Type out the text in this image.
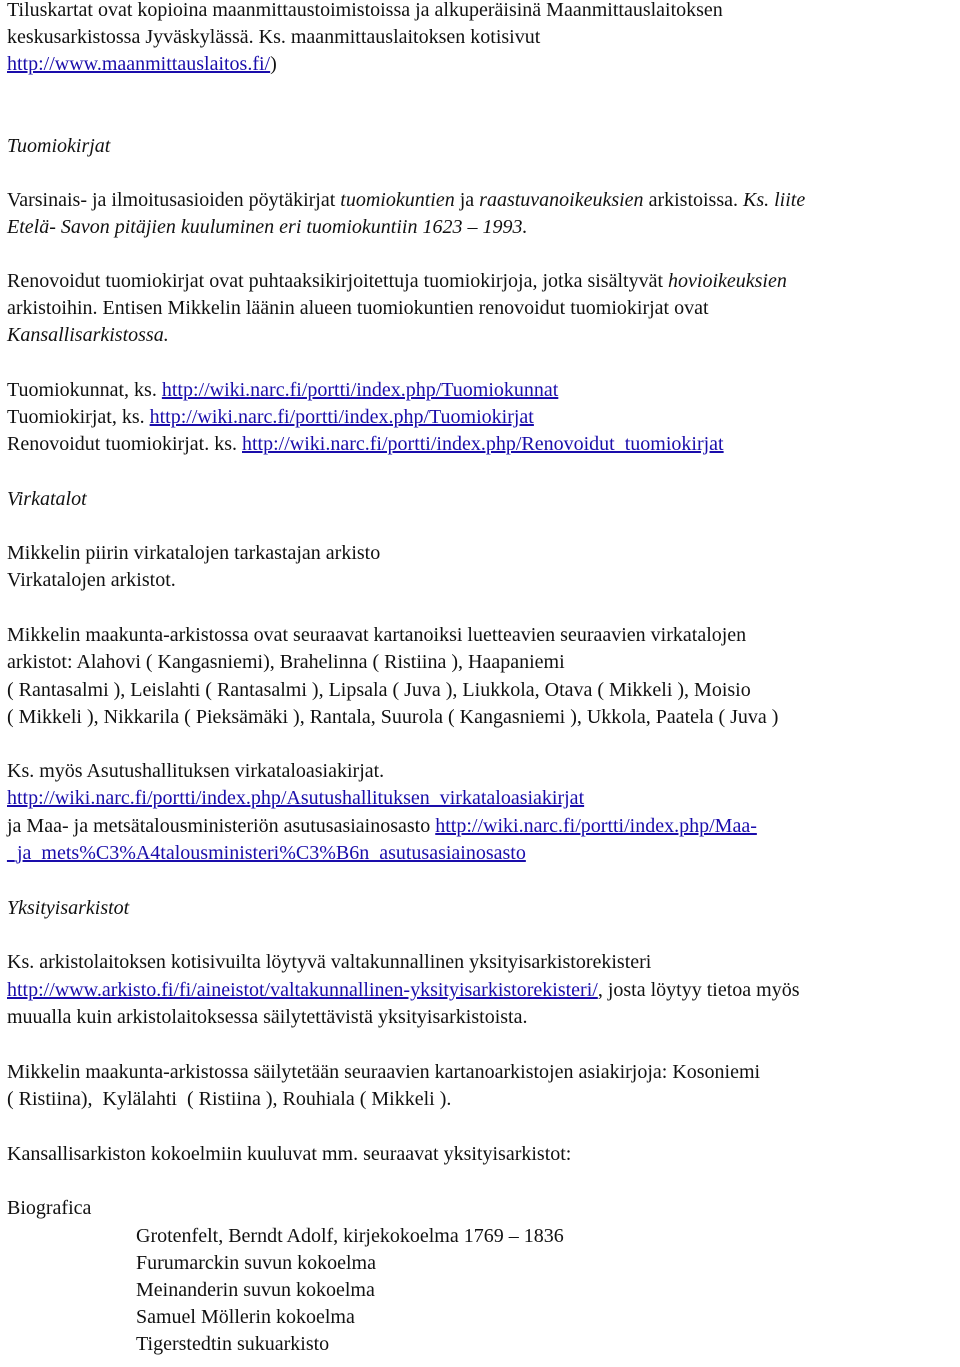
Tiluskartat ovat kopioina maanmittaustoimistoissa ja alkuperäisinä Maanmittauslaitoksen
keskusarkistossa Jyväskylässä. Ks. maanmittauslaitoksen kotisivut
http://www.maanmittauslaitos.fi/)
Tuomiokirjat
Varsinais- ja ilmoitusasioiden pöytäkirjat tuomiokuntien ja raastuvanoikeuksien arkistoissa. Ks. liite
Etelä- Savon pitäjien kuuluminen eri tuomiokuntiin 1623 – 1993.
Renovoidut tuomiokirjat ovat puhtaaksikirjoitettuja tuomiokirjoja, jotka sisältyvät hovioikeuksien
arkistoihin. Entisen Mikkelin läänin alueen tuomiokuntien renovoidut tuomiokirjat ovat
Kansallisarkistossa.
Tuomiokunnat, ks. http://wiki.narc.fi/portti/index.php/Tuomiokunnat
Tuomiokirjat, ks. http://wiki.narc.fi/portti/index.php/Tuomiokirjat
Renovoidut tuomiokirjat. ks. http://wiki.narc.fi/portti/index.php/Renovoidut_tuomiokirjat
Virkatalot
Mikkelin piirin virkatalojen tarkastajan arkisto
Virkatalojen arkistot.
Mikkelin maakunta-arkistossa ovat seuraavat kartanoiksi luetteavien seuraavien virkatalojen
arkistot: Alahovi ( Kangasniemi), Brahelinna ( Ristiina ), Haapaniemi
( Rantasalmi ), Leislahti ( Rantasalmi ), Lipsala ( Juva ), Liukkola, Otava ( Mikkeli ), Moisio
( Mikkeli ), Nikkarila ( Pieksämäki ), Rantala, Suurola ( Kangasniemi ), Ukkola, Paatela ( Juva )
Ks. myös Asutushallituksen virkataloasiakirjat.
http://wiki.narc.fi/portti/index.php/Asutushallituksen_virkataloasiakirjat
ja Maa- ja metsätalousministeriön asutusasiainosasto http://wiki.narc.fi/portti/index.php/Maa-
_ja_mets%C3%A4talousministeri%C3%B6n_asutusasiainosasto
Yksityisarkistot
Ks. arkistolaitoksen kotisivuilta löytyvä valtakunnallinen yksityisarkistorekisteri
http://www.arkisto.fi/fi/aineistot/valtakunnallinen-yksityisarkistorekisteri/, josta löytyy tietoa myös
muualla kuin arkistolaitoksessa säilytettävistä yksityisarkistoista.
Mikkelin maakunta-arkistossa säilytetään seuraavien kartanoarkistojen asiakirjoja: Kosoniemi
( Ristiina),  Kylälahti  ( Ristiina ), Rouhiala ( Mikkeli ).
Kansallisarkiston kokoelmiin kuuluvat mm. seuraavat yksityisarkistot:
Biografica
Grotenfelt, Berndt Adolf, kirjekokoelma 1769 – 1836
Furumarckin suvun kokoelma
Meinanderin suvun kokoelma
Samuel Möllerin kokoelma
Tigerstedtin sukuarkisto
